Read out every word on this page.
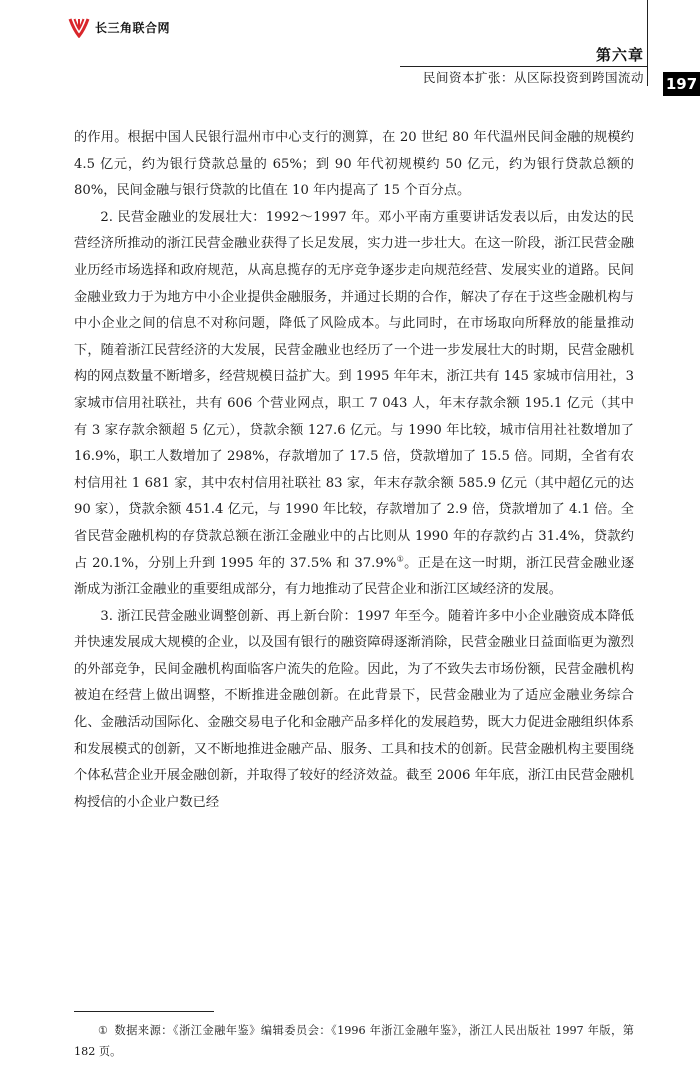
长三角联合网
第六章
民间资本扩张：从区际投资到跨国流动 197

的作用。根据中国人民银行温州市中心支行的测算，在 20 世纪 80 年代温州民间金融的规模约 4.5 亿元，约为银行贷款总量的 65%；到 90 年代初规模约 50 亿元，约为银行贷款总额的 80%，民间金融与银行贷款的比值在 10 年内提高了 15 个百分点。

2. 民营金融业的发展壮大：1992～1997 年。邓小平南方重要讲话发表以后，由发达的民营经济所推动的浙江民营金融业获得了长足发展，实力进一步壮大。在这一阶段，浙江民营金融业历经市场选择和政府规范，从高息揽存的无序竞争逐步走向规范经营、发展实业的道路。民间金融业致力于为地方中小企业提供金融服务，并通过长期的合作，解决了存在于这些金融机构与中小企业之间的信息不对称问题，降低了风险成本。与此同时，在市场取向所释放的能量推动下，随着浙江民营经济的大发展，民营金融业也经历了一个进一步发展壮大的时期，民营金融机构的网点数量不断增多，经营规模日益扩大。到 1995 年年末，浙江共有 145 家城市信用社，3 家城市信用社联社，共有 606 个营业网点，职工 7 043 人，年末存款余额 195.1 亿元（其中有 3 家存款余额超 5 亿元），贷款余额 127.6 亿元。与 1990 年比较，城市信用社社数增加了 16.9%，职工人数增加了 298%，存款增加了 17.5 倍，贷款增加了 15.5 倍。同期，全省有农村信用社 1 681 家，其中农村信用社联社 83 家，年末存款余额 585.9 亿元（其中超亿元的达 90 家），贷款余额 451.4 亿元，与 1990 年比较，存款增加了 2.9 倍，贷款增加了 4.1 倍。全省民营金融机构的存贷款总额在浙江金融业中的占比则从 1990 年的存款约占 31.4%，贷款约占 20.1%，分别上升到 1995 年的 37.5% 和 37.9%①。正是在这一时期，浙江民营金融业逐渐成为浙江金融业的重要组成部分，有力地推动了民营企业和浙江区域经济的发展。

3. 浙江民营金融业调整创新、再上新台阶：1997 年至今。随着许多中小企业融资成本降低并快速发展成大规模的企业，以及国有银行的融资障碍逐渐消除，民营金融业日益面临更为激烈的外部竞争，民间金融机构面临客户流失的危险。因此，为了不致失去市场份额，民营金融机构被迫在经营上做出调整，不断推进金融创新。在此背景下，民营金融业为了适应金融业务综合化、金融活动国际化、金融交易电子化和金融产品多样化的发展趋势，既大力促进金融组织体系和发展模式的创新，又不断地推进金融产品、服务、工具和技术的创新。民营金融机构主要围绕个体私营企业开展金融创新，并取得了较好的经济效益。截至 2006 年年底，浙江由民营金融机构授信的小企业户数已经

① 数据来源：《浙江金融年鉴》编辑委员会：《1996 年浙江金融年鉴》，浙江人民出版社 1997 年版，第 182 页。
